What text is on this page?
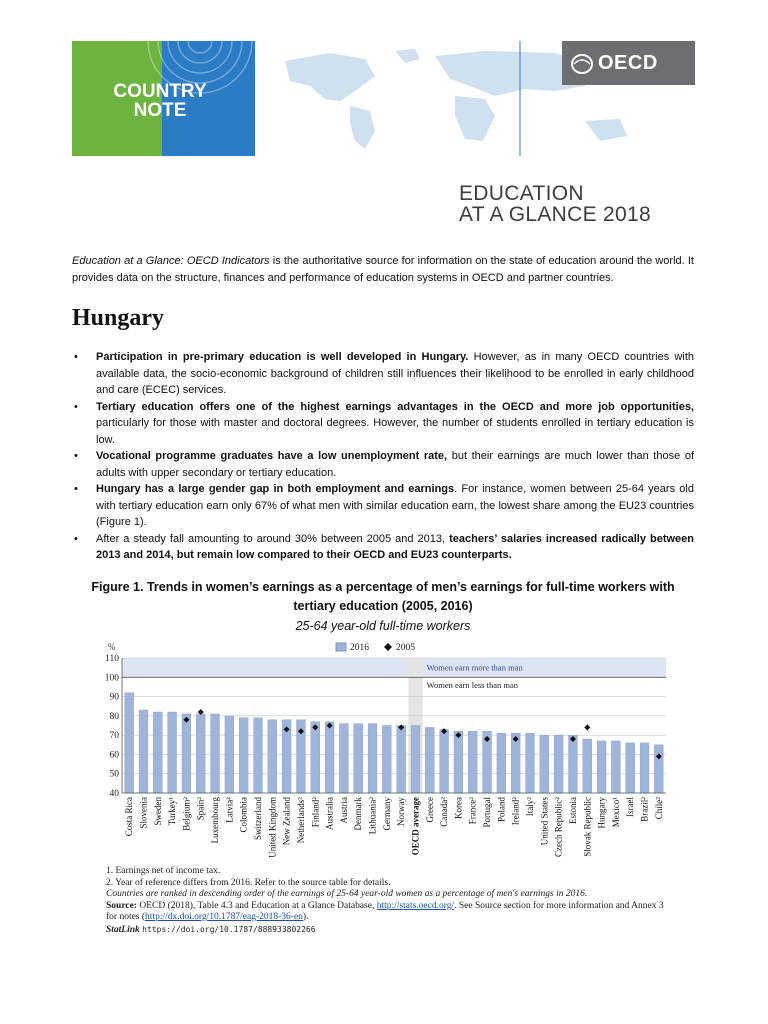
COUNTRY
NOTE
OECD
EDUCATION
AT A GLANCE 2018
Education at a Glance: OECD Indicators is the authoritative source for information on the state of education around the world. It provides data on the structure, finances and performance of education systems in OECD and partner countries.
Hungary
• Participation in pre-primary education is well developed in Hungary. However, as in many OECD countries with available data, the socio-economic background of children still influences their likelihood to be enrolled in early childhood and care (ECEC) services.
• Tertiary education offers one of the highest earnings advantages in the OECD and more job opportunities, particularly for those with master and doctoral degrees. However, the number of students enrolled in tertiary education is low.
• Vocational programme graduates have a low unemployment rate, but their earnings are much lower than those of adults with upper secondary or tertiary education.
• Hungary has a large gender gap in both employment and earnings. For instance, women between 25-64 years old with tertiary education earn only 67% of what men with similar education earn, the lowest share among the EU23 countries (Figure 1).
• After a steady fall amounting to around 30% between 2005 and 2013, teachers’ salaries increased radically between 2013 and 2014, but remain low compared to their OECD and EU23 counterparts.
Figure 1. Trends in women’s earnings as a percentage of men’s earnings for full-time workers with tertiary education (2005, 2016)
25-64 year-old full-time workers
%	2016	2005
40
50
60
70
80
90
100
110
Women earn more than man
Women earn less than man
Costa Rica Slovenia Sweden Turkey¹ Belgium² Spain² Luxembourg Latvia² Colombia Switzerland United Kingdom New Zealand Netherlands² Finland² Australia Austria Denmark Lithuania² Germany Norway OECD average Greece Canada² Korea France² Portugal Poland Ireland² Italy² United States Czech Republic² Estonia Slovak Republic Hungary Mexico¹ Israel Brazil² Chile²
1. Earnings net of income tax.
2. Year of reference differs from 2016. Refer to the source table for details.
Countries are ranked in descending order of the earnings of 25-64 year-old women as a percentage of men's earnings in 2016.
Source: OECD (2018), Table 4.3 and Education at a Glance Database, http://stats.oecd.org/. See Source section for more information and Annex 3 for notes (http://dx.doi.org/10.1787/eag-2018-36-en).
StatLink https://doi.org/10.1787/888933802266
